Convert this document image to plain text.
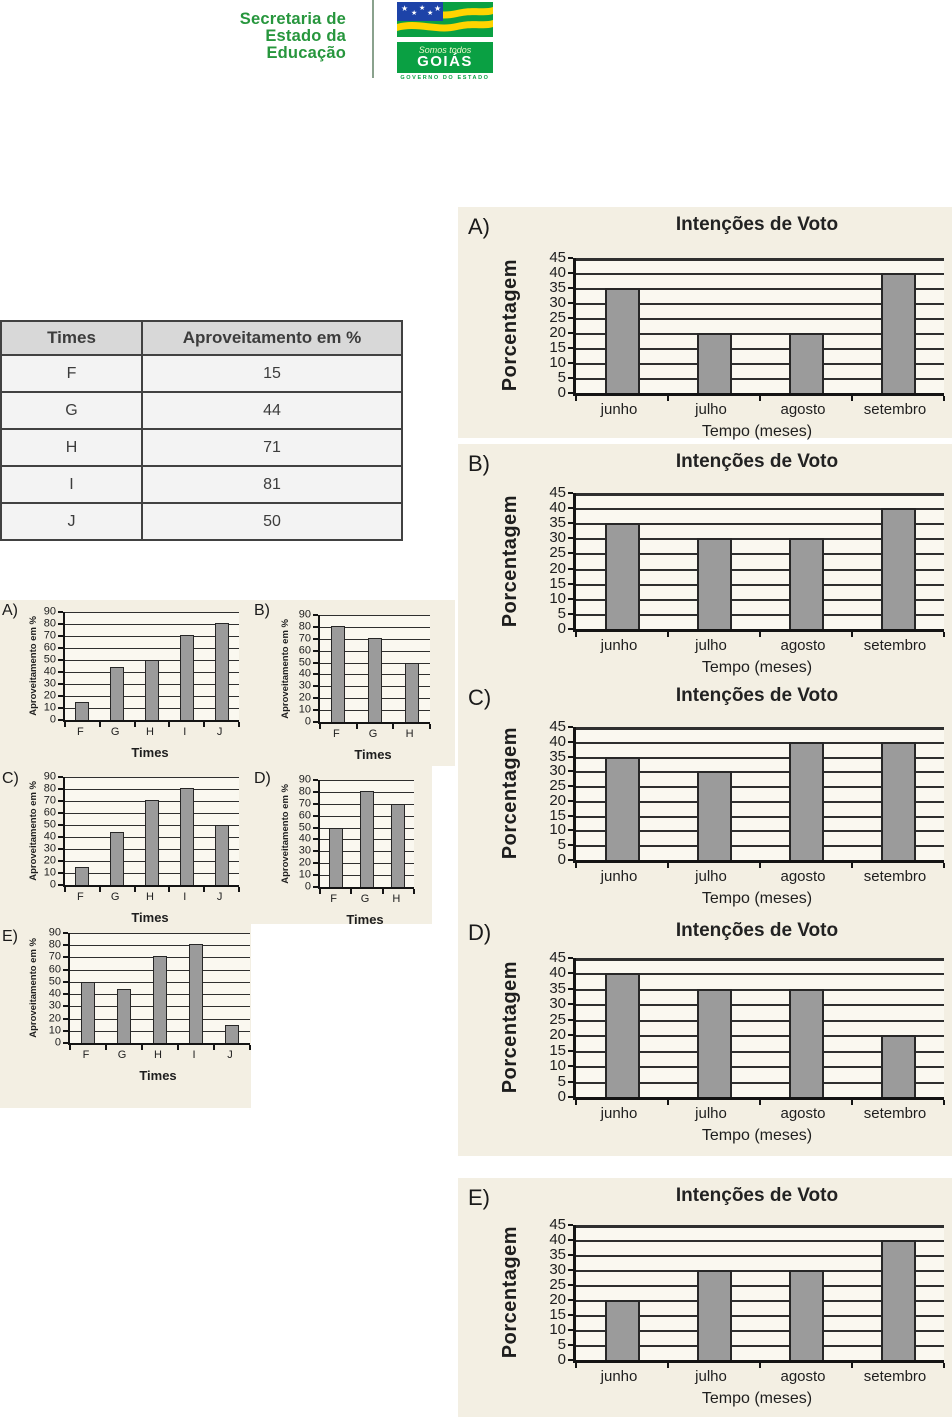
Secretaria de
Estado da
Educação
★
★
★
★
★
Somos todos
GOIÁS
GOVERNO DO ESTADO
Times	Aproveitamento em %
F	15
G	44
H	71
I	81
J	50
A)
Aproveitamento em %
0
10
20
30
40
50
60
70
80
90
F G H	I	J
Times
B)
Aproveitamento em %
0
10
20
30
40
50
60
70
80
90
F	G	H
Times
C)
Aproveitamento em %
0
10
20
30
40
50
60
70
80
90
F G H	I	J
Times
D)
Aproveitamento em %
0
10
20
30
40
50
60
70
80
90
F G H
Times
E)
Aproveitamento em %
0
10
20
30
40
50
60
70
80
90
F	G	H	I	J
Times
A)	Intenções de Voto
Porcentagem
0
5
10
15
20
25
30
35
40
45
junho	julho	agosto	setembro
Tempo (meses)
B)	Intenções de Voto
Porcentagem
0
5
10
15
20
25
30
35
40
45
junho	julho	agosto	setembro
Tempo (meses)
C)	Intenções de Voto
Porcentagem 0
5
10
15
20
25
30
35
40
45
junho	julho	agosto	setembro
Tempo (meses)
D)	Intenções de Voto
Porcentagem
0
5
10
15
20
25
30
35
40
45
junho	julho	agosto	setembro
Tempo (meses)
E)	Intenções de Voto
Porcentagem
0
5
10
15
20
25
30
35
40
45
junho	julho	agosto	setembro
Tempo (meses)
